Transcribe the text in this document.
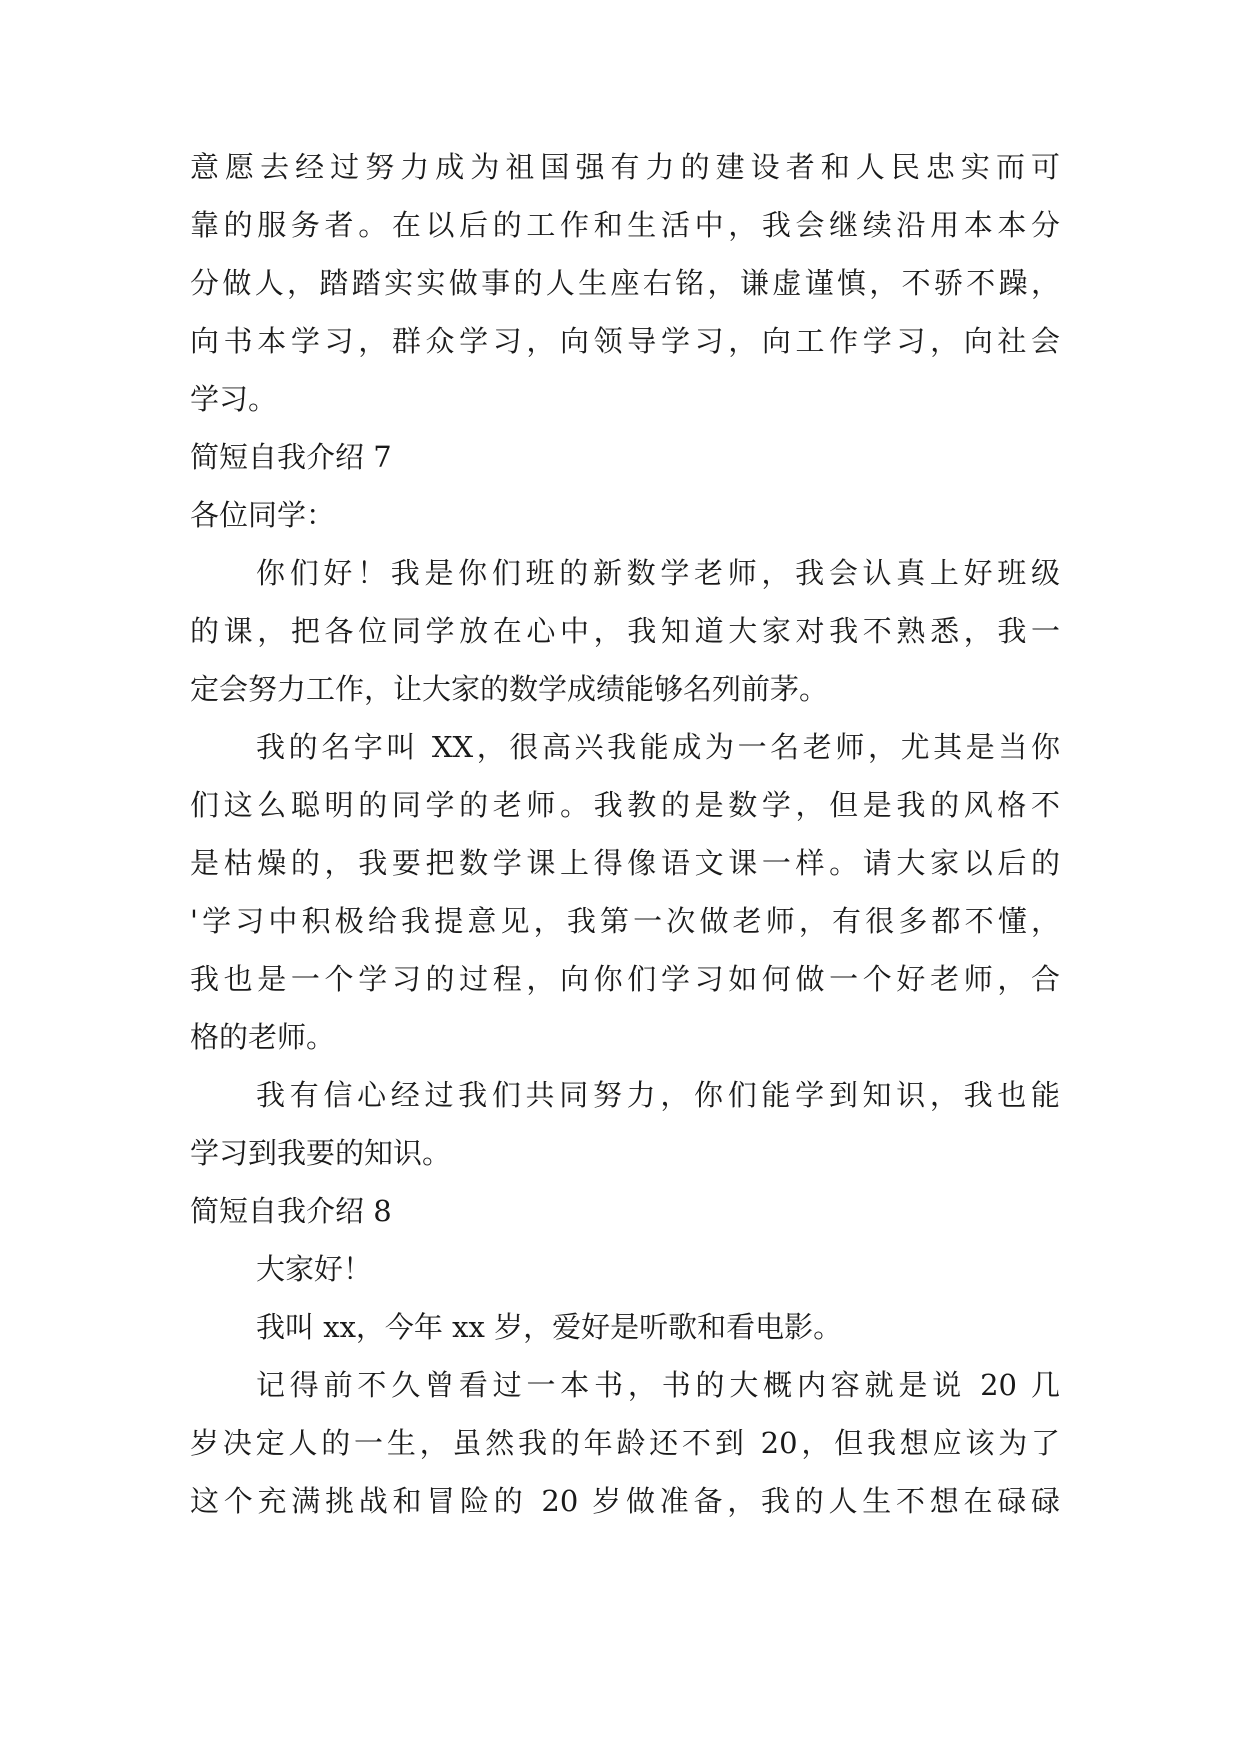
意愿去经过努力成为祖国强有力的建设者和人民忠实而可
靠的服务者。在以后的工作和生活中，我会继续沿用本本分
分做人，踏踏实实做事的人生座右铭，谦虚谨慎，不骄不躁，
向书本学习，群众学习，向领导学习，向工作学习，向社会
学习。
简短自我介绍 7
各位同学：
你们好！我是你们班的新数学老师，我会认真上好班级
的课，把各位同学放在心中，我知道大家对我不熟悉，我一
定会努力工作，让大家的数学成绩能够名列前茅。
我的名字叫 XX，很高兴我能成为一名老师，尤其是当你
们这么聪明的同学的老师。我教的是数学，但是我的风格不
是枯燥的，我要把数学课上得像语文课一样。请大家以后的
'学习中积极给我提意见，我第一次做老师，有很多都不懂，
我也是一个学习的过程，向你们学习如何做一个好老师，合
格的老师。
我有信心经过我们共同努力，你们能学到知识，我也能
学习到我要的知识。
简短自我介绍 8
大家好！
我叫 xx，今年 xx 岁，爱好是听歌和看电影。
记得前不久曾看过一本书，书的大概内容就是说 20 几
岁决定人的一生，虽然我的年龄还不到 20，但我想应该为了
这个充满挑战和冒险的 20 岁做准备，我的人生不想在碌碌
